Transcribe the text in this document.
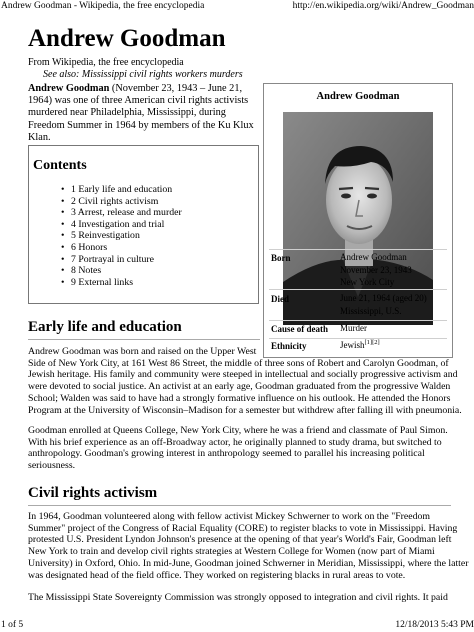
Andrew Goodman - Wikipedia, the free encyclopedia	http://en.wikipedia.org/wiki/Andrew_Goodman
Andrew Goodman
From Wikipedia, the free encyclopedia
See also: Mississippi civil rights workers murders
Andrew Goodman (November 23, 1943 – June 21, 1964) was one of three American civil rights activists murdered near Philadelphia, Mississippi, during Freedom Summer in 1964 by members of the Ku Klux Klan.
Contents
• 1 Early life and education
• 2 Civil rights activism
• 3 Arrest, release and murder
• 4 Investigation and trial
• 5 Reinvestigation
• 6 Honors
• 7 Portrayal in culture
• 8 Notes
• 9 External links
Andrew Goodman
Born	Andrew Goodman
November 23, 1943
New York City
Died	June 21, 1964 (aged 20)
Mississippi, U.S.
Cause of death Murder
Ethnicity	Jewish[1][2]
Early life and education
Andrew Goodman was born and raised on the Upper West
Side of New York City, at 161 West 86 Street, the middle of three sons of Robert and Carolyn Goodman, of
Jewish heritage. His family and community were steeped in intellectual and socially progressive activism and
were devoted to social justice. An activist at an early age, Goodman graduated from the progressive Walden
School; Walden was said to have had a strongly formative influence on his outlook. He attended the Honors
Program at the University of Wisconsin–Madison for a semester but withdrew after falling ill with pneumonia.
Goodman enrolled at Queens College, New York City, where he was a friend and classmate of Paul Simon.
With his brief experience as an off-Broadway actor, he originally planned to study drama, but switched to
anthropology. Goodman's growing interest in anthropology seemed to parallel his increasing political
seriousness.
Civil rights activism
In 1964, Goodman volunteered along with fellow activist Mickey Schwerner to work on the "Freedom
Summer" project of the Congress of Racial Equality (CORE) to register blacks to vote in Mississippi. Having
protested U.S. President Lyndon Johnson's presence at the opening of that year's World's Fair, Goodman left
New York to train and develop civil rights strategies at Western College for Women (now part of Miami
University) in Oxford, Ohio. In mid-June, Goodman joined Schwerner in Meridian, Mississippi, where the latter
was designated head of the field office. They worked on registering blacks in rural areas to vote.
The Mississippi State Sovereignty Commission was strongly opposed to integration and civil rights. It paid
1 of 5	12/18/2013 5:43 PM
